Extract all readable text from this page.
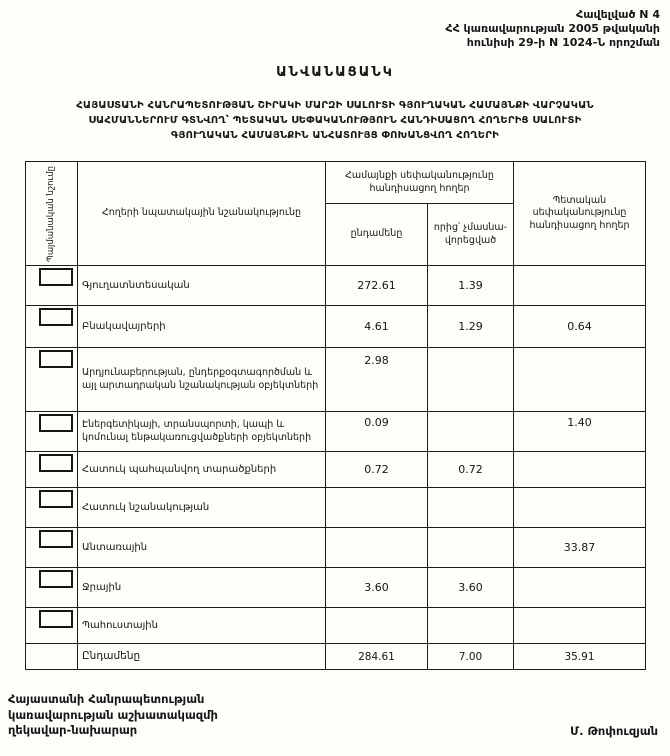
Հավելված N 4
ՀՀ կառավարության 2005 թվականի
հունիսի 29-ի N 1024-Ն որոշման
ԱՆՎԱՆԱՑԱՆԿ
ՀԱՅԱՍՏԱՆԻ ՀԱՆՐԱՊԵՏՈՒԹՅԱՆ ՇԻՐԱԿԻ ՄԱՐԶԻ ՍԱԼՈՒՏԻ ԳՅՈՒՂԱԿԱՆ ՀԱՄԱՅՆՔԻ ՎԱՐՉԱԿԱՆ
ՍԱՀՄԱՆՆԵՐՈՒՄ ԳՏՆՎՈՂ՝ ՊԵՏԱԿԱՆ ՍԵՓԱԿԱՆՈՒԹՅՈՒՆ ՀԱՆԴԻՍԱՑՈՂ ՀՈՂԵՐԻՑ ՍԱԼՈՒՏԻ
ԳՅՈՒՂԱԿԱՆ ՀԱՄԱՅՆՔԻՆ ԱՆՀԱՏՈՒՅՑ ՓՈԽԱՆՑՎՈՂ ՀՈՂԵՐԻ
Պայմանական նշումը	Հողերի նպատակային նշանակությունը	Համայնքի սեփականությունը հանդիսացող հողեր		Պետական սեփականությունը հանդիսացող հողեր
		ընդամենը	որից՝ չմասնա-վորեցված	

	Գյուղատնտեսական	272.61	1.39	

	Բնակավայրերի	4.61	1.29	0.64

	Արդյունաբերության, ընդերքօգտագործման և այլ արտադրական նշանակության օբյեկտների	2.98		

	Էներգետիկայի, տրանսպորտի, կապի և կոմունալ ենթակառուցվածքների օբյեկտների	0.09		1.40

	Հատուկ պահպանվող տարածքների	0.72	0.72	

	Հատուկ նշանակության			

	Անտառային			33.87

	Ջրային	3.60	3.60	

	Պահուստային			
	Ընդամենը	284.61	7.00	35.91
Հայաստանի Հանրապետության
կառավարության աշխատակազմի
ղեկավար-նախարար	Մ. Թոփուզյան
